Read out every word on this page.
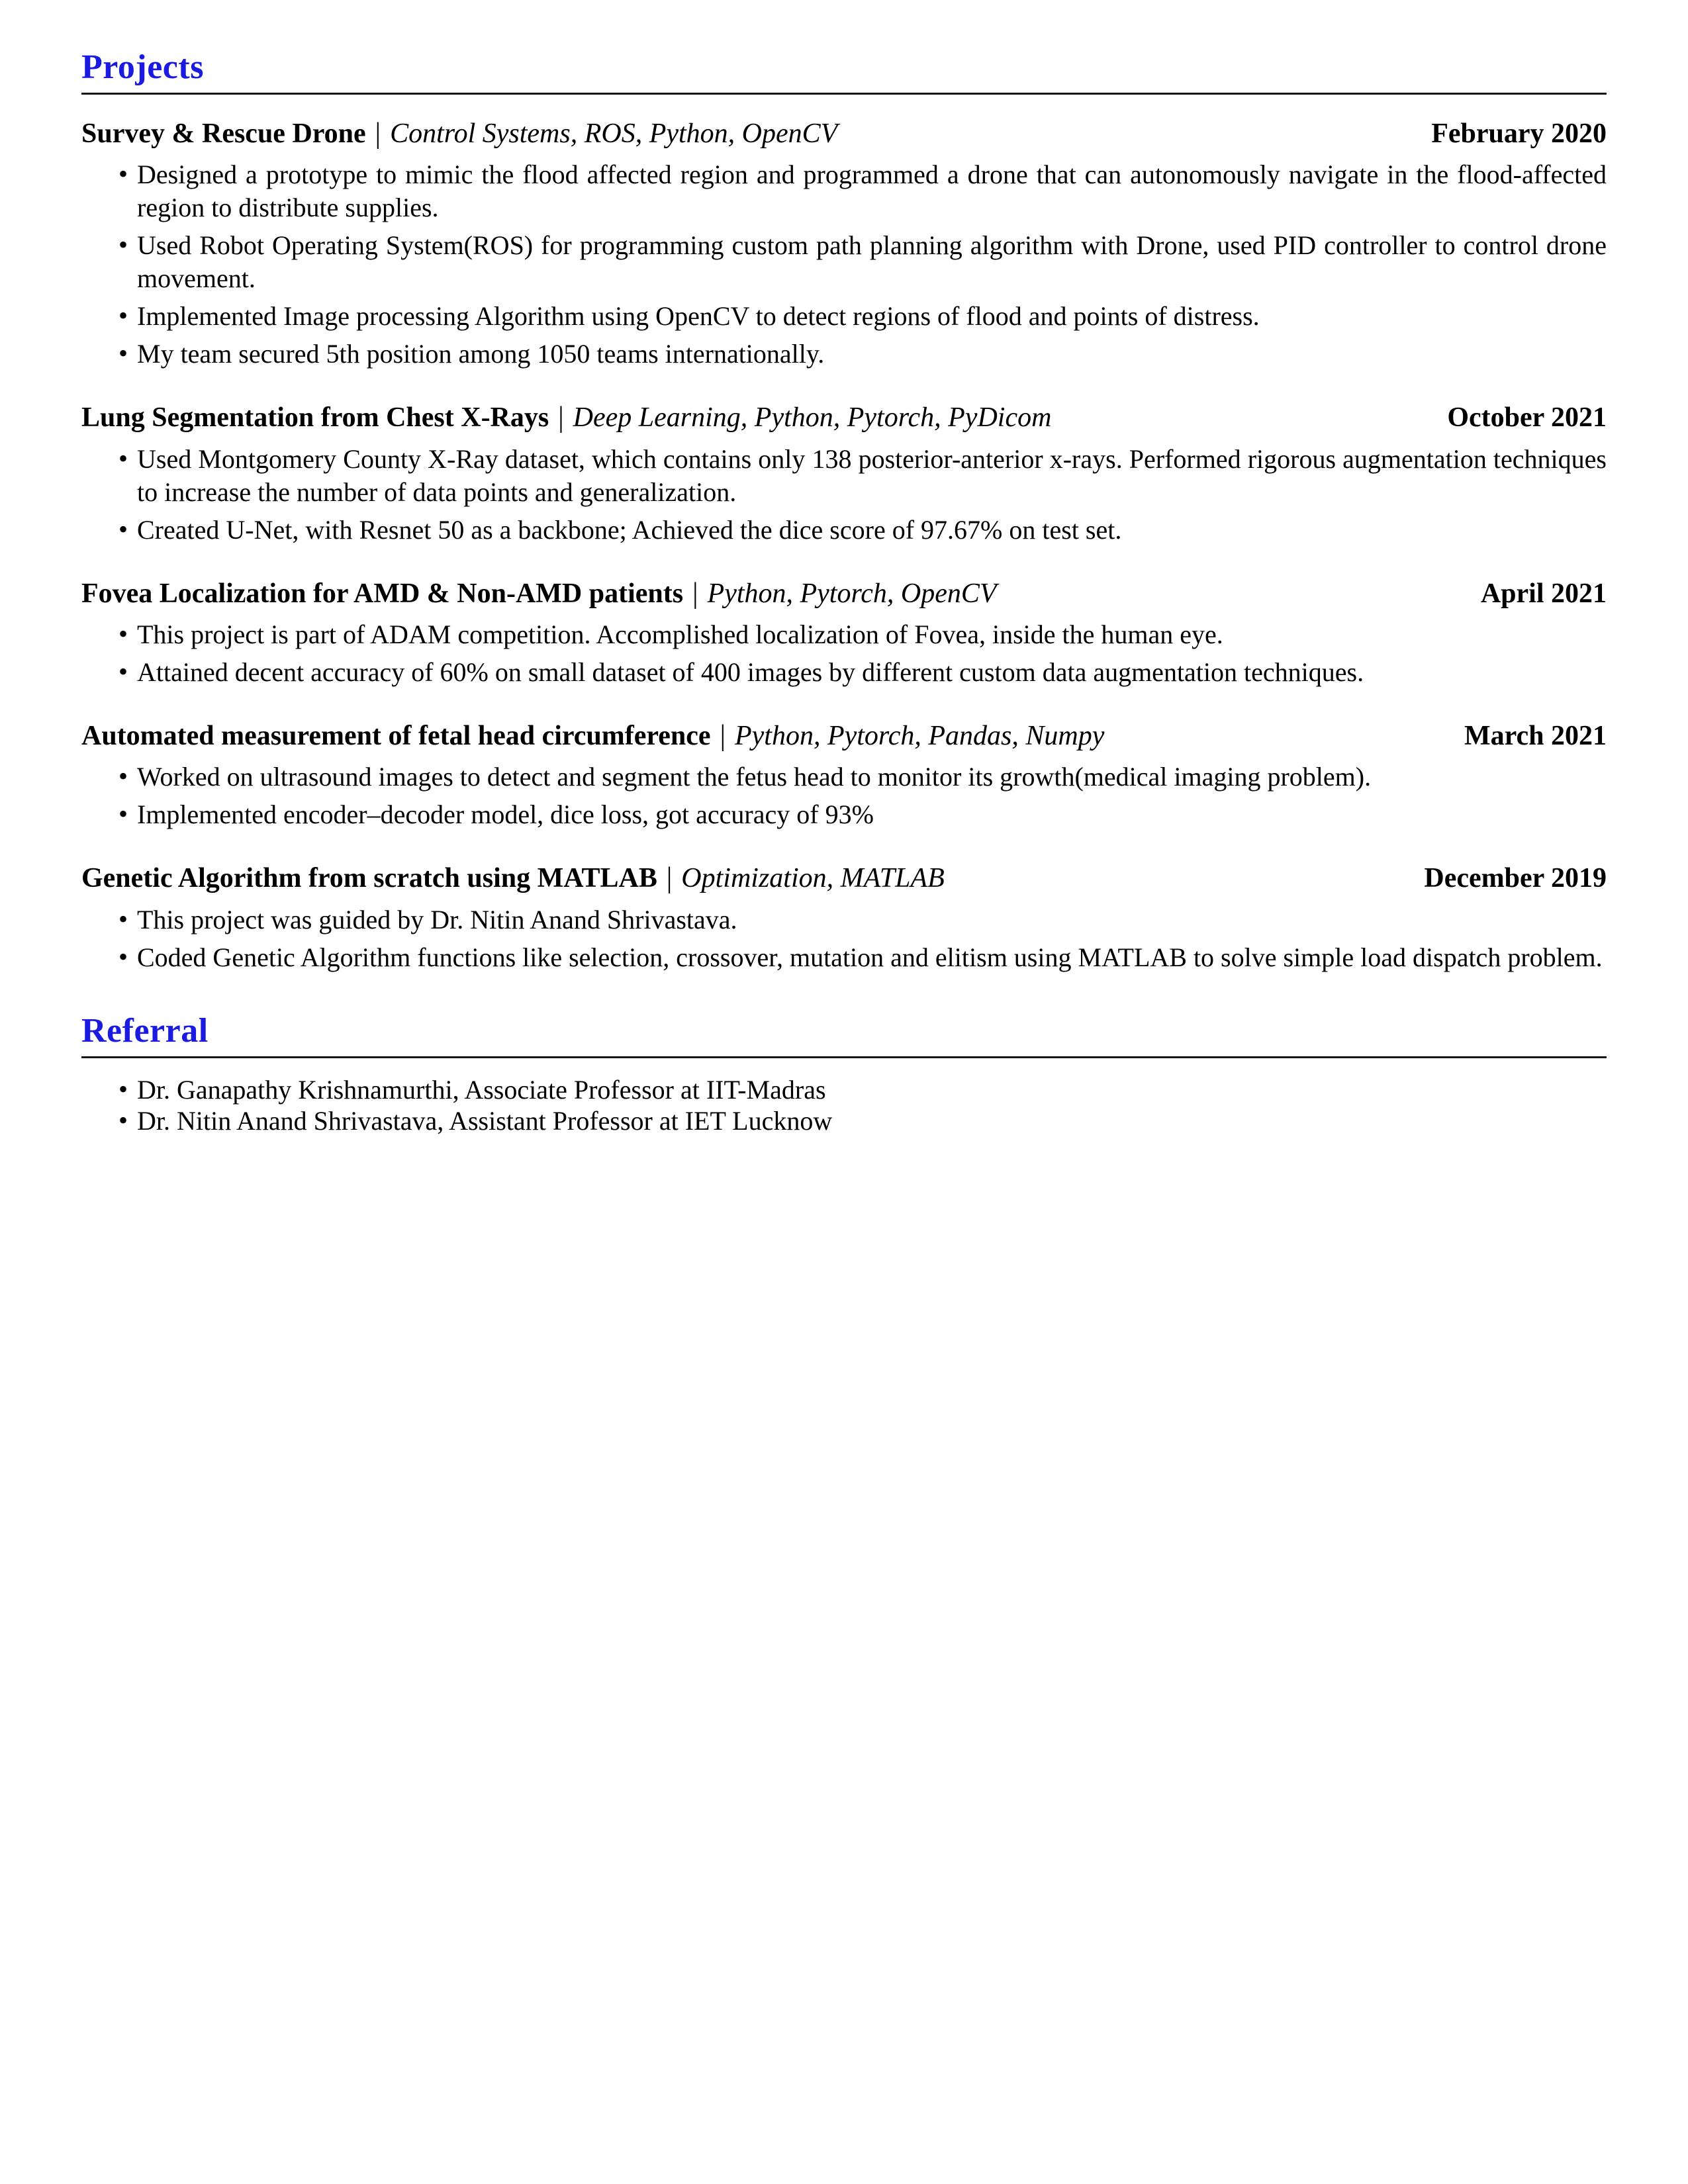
Projects
Survey & Rescue Drone | Control Systems, ROS, Python, OpenCV	February 2020
• Designed a prototype to mimic the flood affected region and programmed a drone that can autonomously navigate in the flood-affected region to distribute supplies.
• Used Robot Operating System(ROS) for programming custom path planning algorithm with Drone, used PID controller to control drone movement.
• Implemented Image processing Algorithm using OpenCV to detect regions of flood and points of distress.
• My team secured 5th position among 1050 teams internationally.
Lung Segmentation from Chest X-Rays | Deep Learning, Python, Pytorch, PyDicom	October 2021
• Used Montgomery County X-Ray dataset, which contains only 138 posterior-anterior x-rays. Performed rigorous augmentation techniques to increase the number of data points and generalization.
• Created U-Net, with Resnet 50 as a backbone; Achieved the dice score of 97.67% on test set.
Fovea Localization for AMD & Non-AMD patients | Python, Pytorch, OpenCV	April 2021
• This project is part of ADAM competition. Accomplished localization of Fovea, inside the human eye.
• Attained decent accuracy of 60% on small dataset of 400 images by different custom data augmentation techniques.
Automated measurement of fetal head circumference | Python, Pytorch, Pandas, Numpy	March 2021
• Worked on ultrasound images to detect and segment the fetus head to monitor its growth(medical imaging problem).
• Implemented encoder–decoder model, dice loss, got accuracy of 93%
Genetic Algorithm from scratch using MATLAB | Optimization, MATLAB	December 2019
• This project was guided by Dr. Nitin Anand Shrivastava.
• Coded Genetic Algorithm functions like selection, crossover, mutation and elitism using MATLAB to solve simple load dispatch problem.
Referral
• Dr. Ganapathy Krishnamurthi, Associate Professor at IIT-Madras
• Dr. Nitin Anand Shrivastava, Assistant Professor at IET Lucknow
